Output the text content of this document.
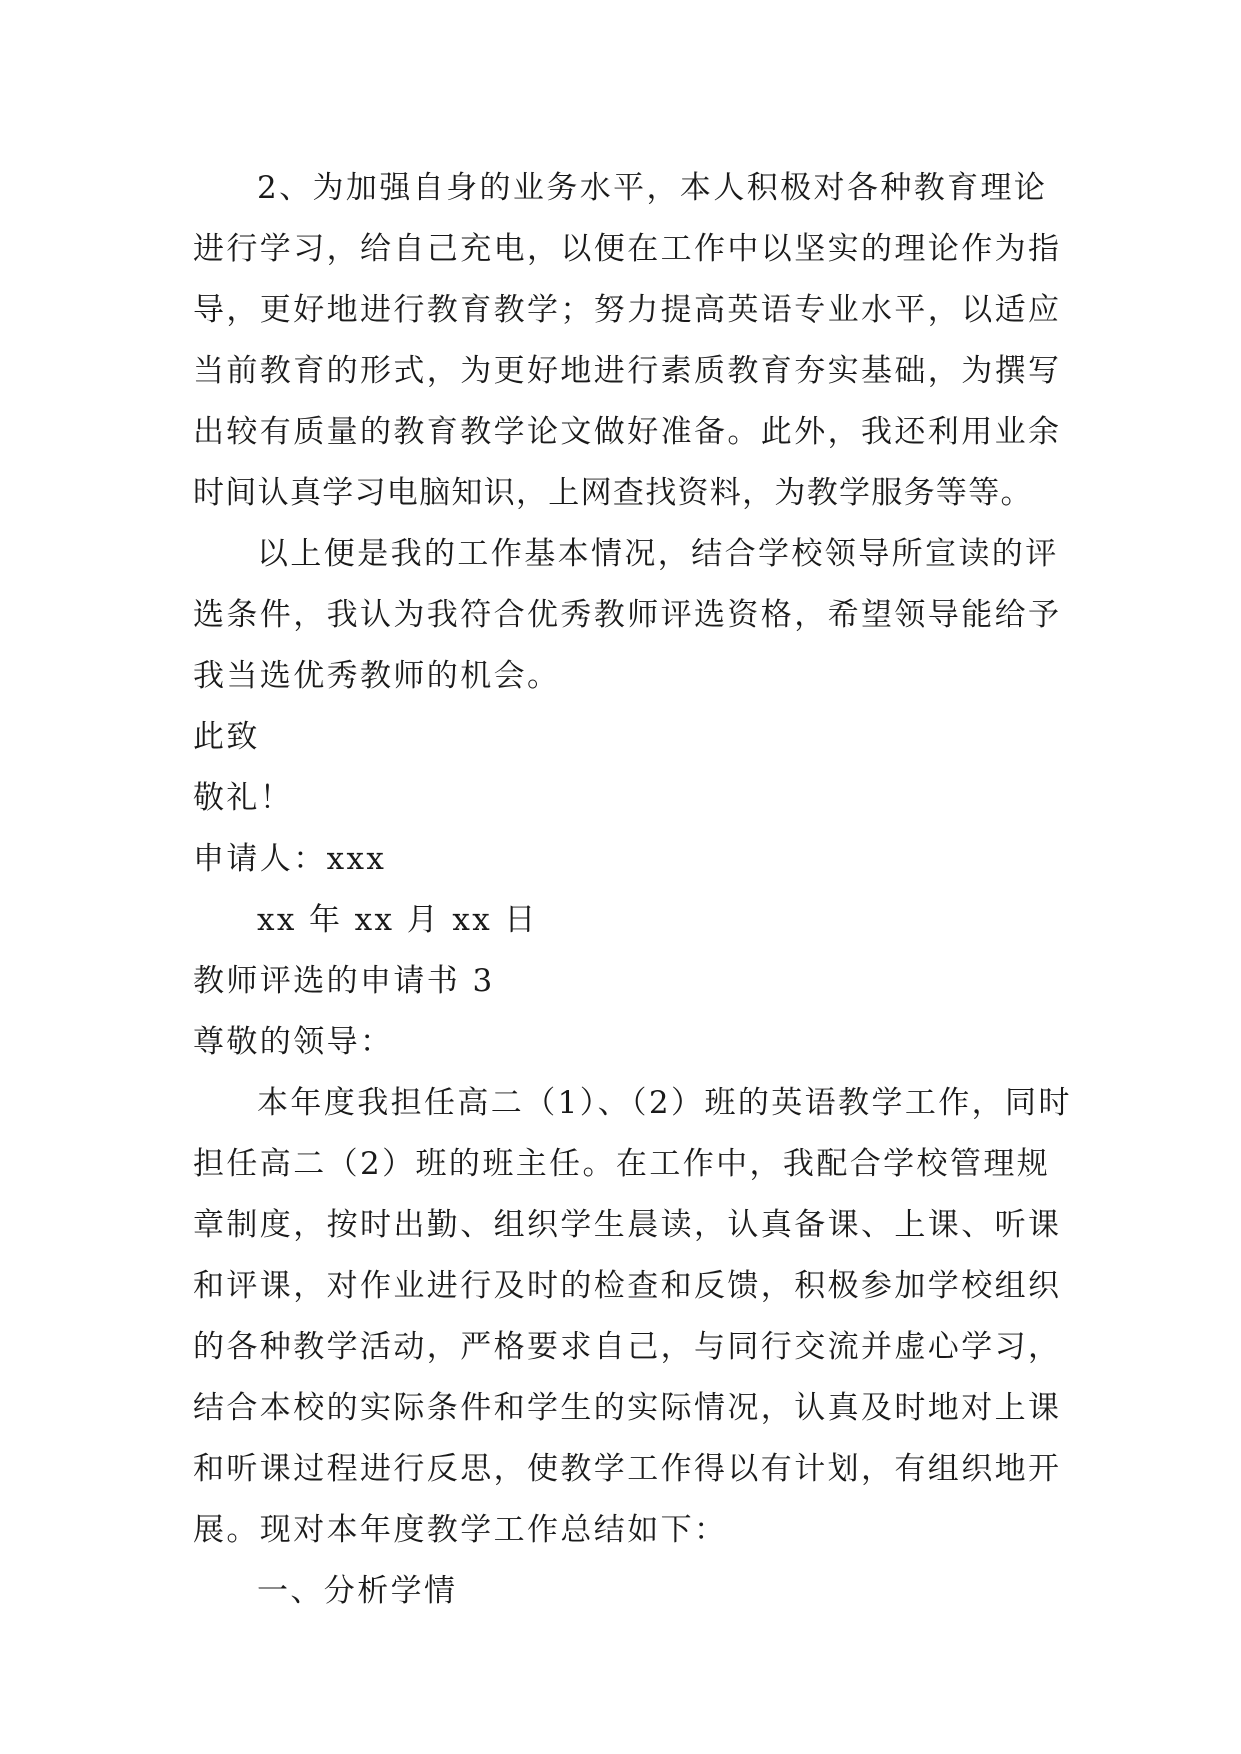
2、为加强自身的业务水平，本人积极对各种教育理论
进行学习，给自己充电，以便在工作中以坚实的理论作为指
导，更好地进行教育教学；努力提高英语专业水平，以适应
当前教育的形式，为更好地进行素质教育夯实基础，为撰写
出较有质量的教育教学论文做好准备。此外，我还利用业余
时间认真学习电脑知识，上网查找资料，为教学服务等等。
以上便是我的工作基本情况，结合学校领导所宣读的评
选条件，我认为我符合优秀教师评选资格，希望领导能给予
我当选优秀教师的机会。
此致
敬礼！
申请人：xxx
xx 年 xx 月 xx 日
教师评选的申请书 3
尊敬的领导：
本年度我担任高二（1）、（2）班的英语教学工作，同时
担任高二（2）班的班主任。在工作中，我配合学校管理规
章制度，按时出勤、组织学生晨读，认真备课、上课、听课
和评课，对作业进行及时的检查和反馈，积极参加学校组织
的各种教学活动，严格要求自己，与同行交流并虚心学习，
结合本校的实际条件和学生的实际情况，认真及时地对上课
和听课过程进行反思，使教学工作得以有计划，有组织地开
展。现对本年度教学工作总结如下：
一、分析学情
